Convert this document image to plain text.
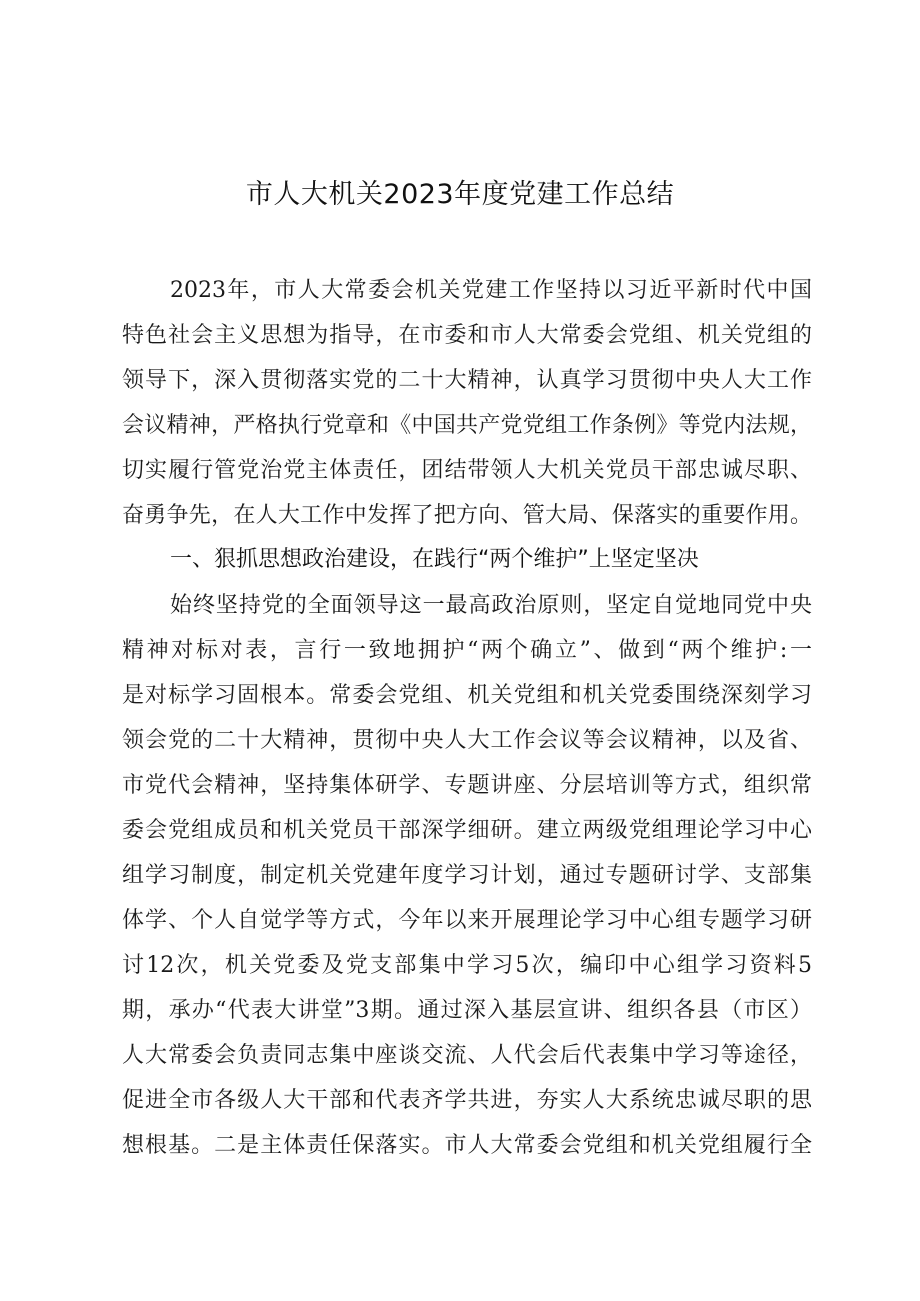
市人大机关2023年度党建工作总结
2023年，市人大常委会机关党建工作坚持以习近平新时代中国
特色社会主义思想为指导，在市委和市人大常委会党组、机关党组的
领导下，深入贯彻落实党的二十大精神，认真学习贯彻中央人大工作
会议精神，严格执行党章和《中国共产党党组工作条例》等党内法规，
切实履行管党治党主体责任，团结带领人大机关党员干部忠诚尽职、
奋勇争先，在人大工作中发挥了把方向、管大局、保落实的重要作用。
一、狠抓思想政治建设，在践行“两个维护”上坚定坚决
始终坚持党的全面领导这一最高政治原则，坚定自觉地同党中央
精神对标对表，言行一致地拥护“两个确立”、做到“两个维护:一
是对标学习固根本。常委会党组、机关党组和机关党委围绕深刻学习
领会党的二十大精神，贯彻中央人大工作会议等会议精神，以及省、
市党代会精神，坚持集体研学、专题讲座、分层培训等方式，组织常
委会党组成员和机关党员干部深学细研。建立两级党组理论学习中心
组学习制度，制定机关党建年度学习计划，通过专题研讨学、支部集
体学、个人自觉学等方式，今年以来开展理论学习中心组专题学习研
讨12次，机关党委及党支部集中学习5次，编印中心组学习资料5
期，承办“代表大讲堂”3期。通过深入基层宣讲、组织各县（市区）
人大常委会负责同志集中座谈交流、人代会后代表集中学习等途径，
促进全市各级人大干部和代表齐学共进，夯实人大系统忠诚尽职的思
想根基。二是主体责任保落实。市人大常委会党组和机关党组履行全
